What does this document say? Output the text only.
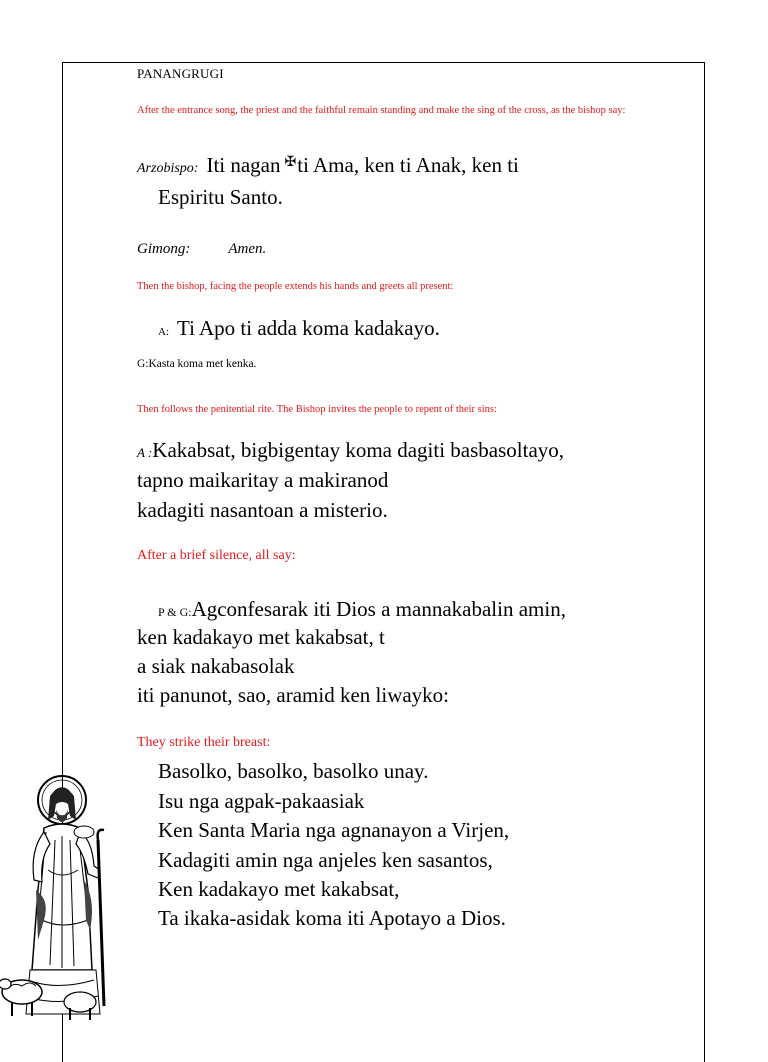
PANANGRUGI
After the entrance song, the priest and the faithful remain standing and make the sing of the cross, as the bishop say:
Arzobispo: Iti nagan ✠ti Ama, ken ti Anak, ken ti
Espiritu Santo.
Gimong:	Amen.
Then the bishop, facing the people extends his hands and greets all present:
A: Ti Apo ti adda koma kadakayo.
G:Kasta koma met kenka.
Then follows the penitential rite. The Bishop invites the people to repent of their sins:
A :Kakabsat, bigbigentay koma dagiti basbasoltayo,
tapno maikaritay a makiranod
kadagiti nasantoan a misterio.
After a brief silence, all say:
P & G:Agconfesarak iti Dios a mannakabalin amin,
ken kadakayo met kakabsat, t
a siak nakabasolak
iti panunot, sao, aramid ken liwayko:
They strike their breast:
Basolko, basolko, basolko unay.
Isu nga agpak-pakaasiak
Ken Santa Maria nga agnanayon a Virjen,
Kadagiti amin nga anjeles ken sasantos,
Ken kadakayo met kakabsat,
Ta ikaka-asidak koma iti Apotayo a Dios.
